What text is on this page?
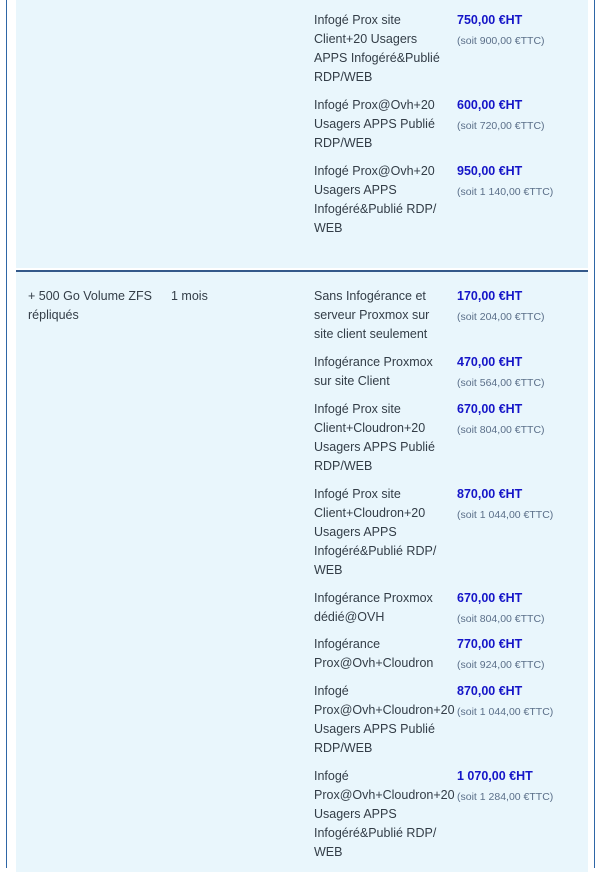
Infogé Prox site
Client+20 Usagers
APPS Infogéré&Publié
RDP/WEB
750,00 €HT
(soit 900,00 €TTC)
Infogé Prox@Ovh+20
Usagers APPS Publié
RDP/WEB
600,00 €HT
(soit 720,00 €TTC)
Infogé Prox@Ovh+20
Usagers APPS
Infogéré&Publié RDP/
WEB
950,00 €HT
(soit 1 140,00 €TTC)
+ 500 Go Volume ZFS
répliqués
1 mois	Sans Infogérance et
serveur Proxmox sur
site client seulement
170,00 €HT
(soit 204,00 €TTC)
Infogérance Proxmox
sur site Client
470,00 €HT
(soit 564,00 €TTC)
Infogé Prox site
Client+Cloudron+20
Usagers APPS Publié
RDP/WEB
670,00 €HT
(soit 804,00 €TTC)
Infogé Prox site
Client+Cloudron+20
Usagers APPS
Infogéré&Publié RDP/
WEB
870,00 €HT
(soit 1 044,00 €TTC)
Infogérance Proxmox
dédié@OVH
670,00 €HT
(soit 804,00 €TTC)
Infogérance
Prox@Ovh+Cloudron
770,00 €HT
(soit 924,00 €TTC)
Infogé
Prox@Ovh+Cloudron+20
Usagers APPS Publié
RDP/WEB
870,00 €HT
(soit 1 044,00 €TTC)
Infogé
Prox@Ovh+Cloudron+20
Usagers APPS
Infogéré&Publié RDP/
WEB
1 070,00 €HT
(soit 1 284,00 €TTC)
